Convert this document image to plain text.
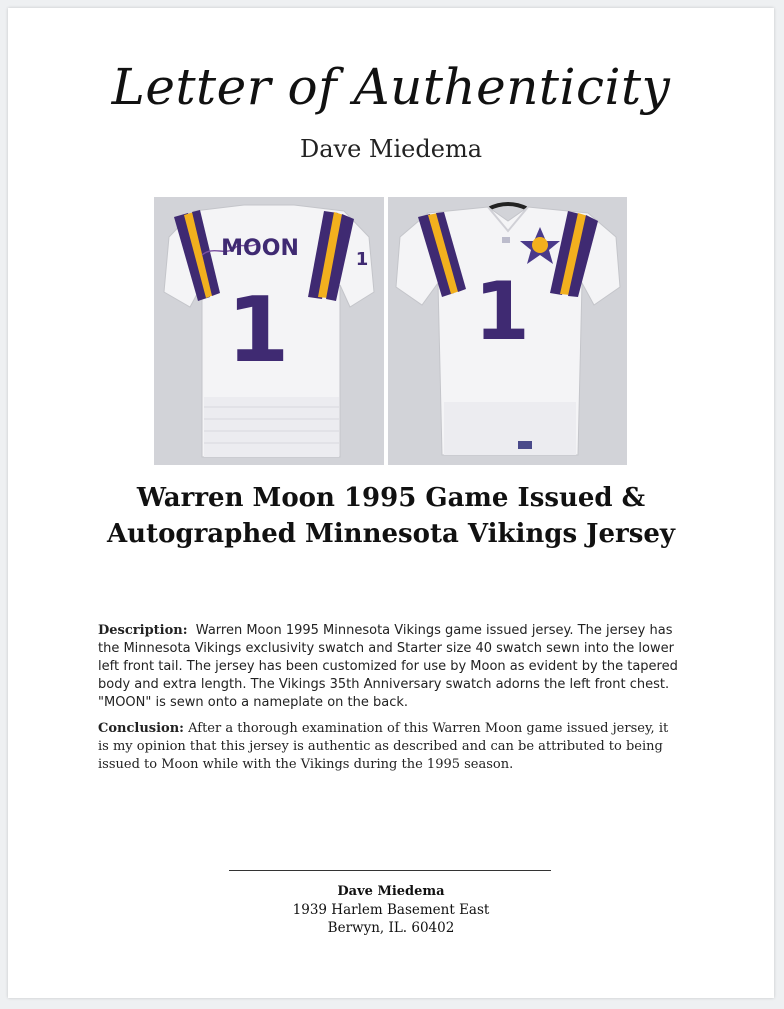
Letter of Authenticity
Dave Miedema
1
MOON
1 1
Warren Moon 1995 Game Issued & Autographed Minnesota Vikings Jersey
Description: Warren Moon 1995 Minnesota Vikings game issued jersey. The jersey has the Minnesota Vikings exclusivity swatch and Starter size 40 swatch sewn into the lower left front tail. The jersey has been customized for use by Moon as evident by the tapered body and extra length. The Vikings 35th Anniversary swatch adorns the left front chest. "MOON" is sewn onto a nameplate on the back.
Conclusion: After a thorough examination of this Warren Moon game issued jersey, it is my opinion that this jersey is authentic as described and can be attributed to being issued to Moon while with the Vikings during the 1995 season.
Dave Miedema
1939 Harlem Basement East
Berwyn, IL. 60402
